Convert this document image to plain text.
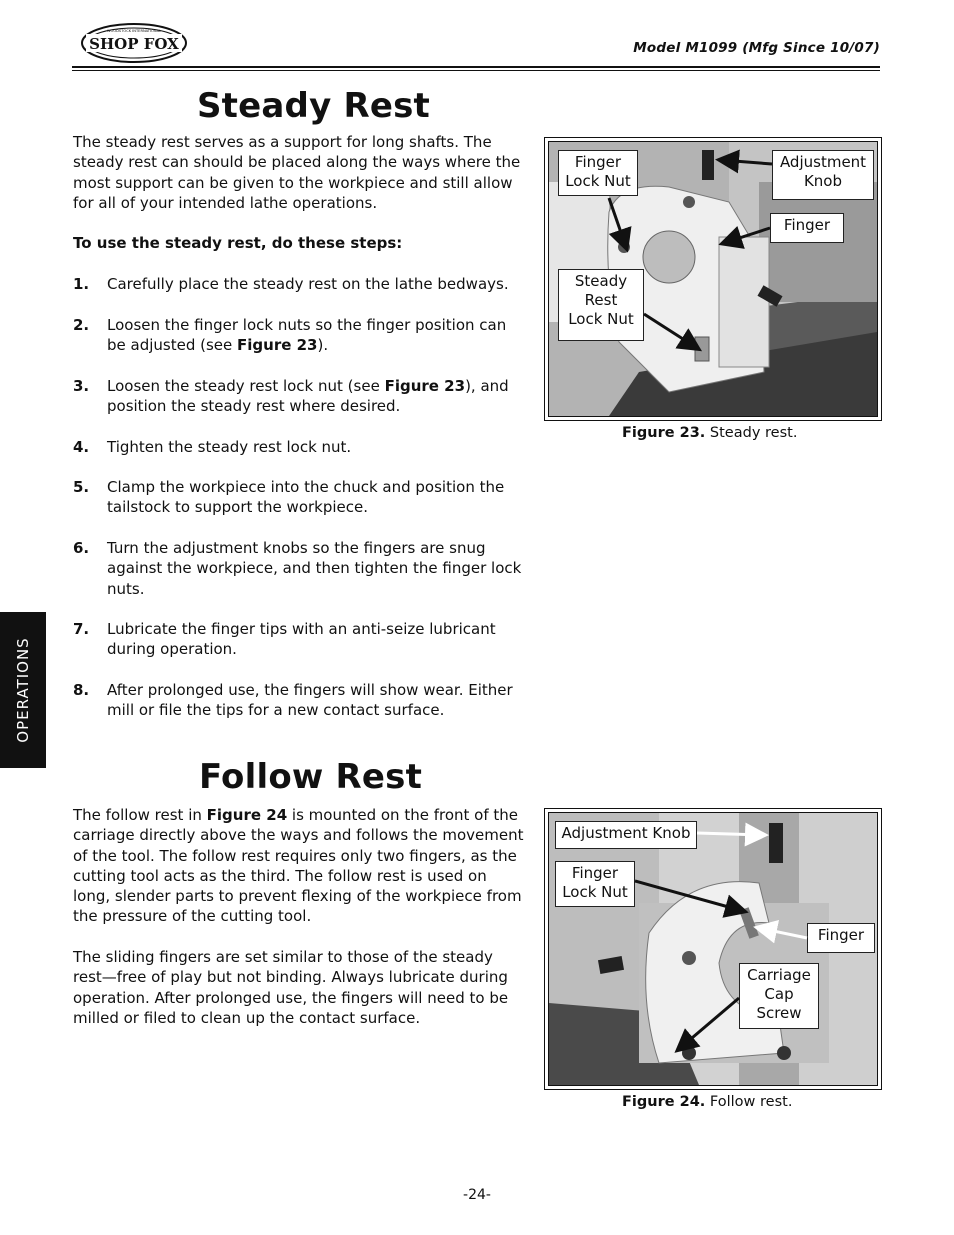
SHOP FOX
WOODSTOCK INTERNATIONAL
Model M1099 (Mfg Since 10/07)
Steady Rest
The steady rest serves as a support for long shafts. The steady rest can should be placed along the ways where the most support can be given to the workpiece and still allow for all of your intended lathe operations.
To use the steady rest, do these steps:
1. Carefully place the steady rest on the lathe bedways.
2. Loosen the finger lock nuts so the finger position can be adjusted (see Figure 23).
3. Loosen the steady rest lock nut (see Figure 23), and position the steady rest where desired.
4. Tighten the steady rest lock nut.
5. Clamp the workpiece into the chuck and position the tailstock to support the workpiece.
6. Turn the adjustment knobs so the fingers are snug against the workpiece, and then tighten the finger lock nuts.
7. Lubricate the finger tips with an anti-seize lubricant during operation.
8. After prolonged use, the fingers will show wear. Either mill or file the tips for a new contact surface.
OPERATIONS
Finger
Lock Nut
Adjustment
Knob
Finger
Steady
Rest
Lock Nut
Figure 23. Steady rest.
Follow Rest
The follow rest in Figure 24 is mounted on the front of the carriage directly above the ways and follows the movement of the tool. The follow rest requires only two fingers, as the cutting tool acts as the third. The follow rest is used on long, slender parts to prevent flexing of the workpiece from the pressure of the cutting tool.
The sliding fingers are set similar to those of the steady rest—free of play but not binding. Always lubricate during operation. After prolonged use, the fingers will need to be milled or filed to clean up the contact surface.
Adjustment Knob
Finger
Lock Nut
Finger
Carriage
Cap
Screw
Figure 24. Follow rest.
-24-
